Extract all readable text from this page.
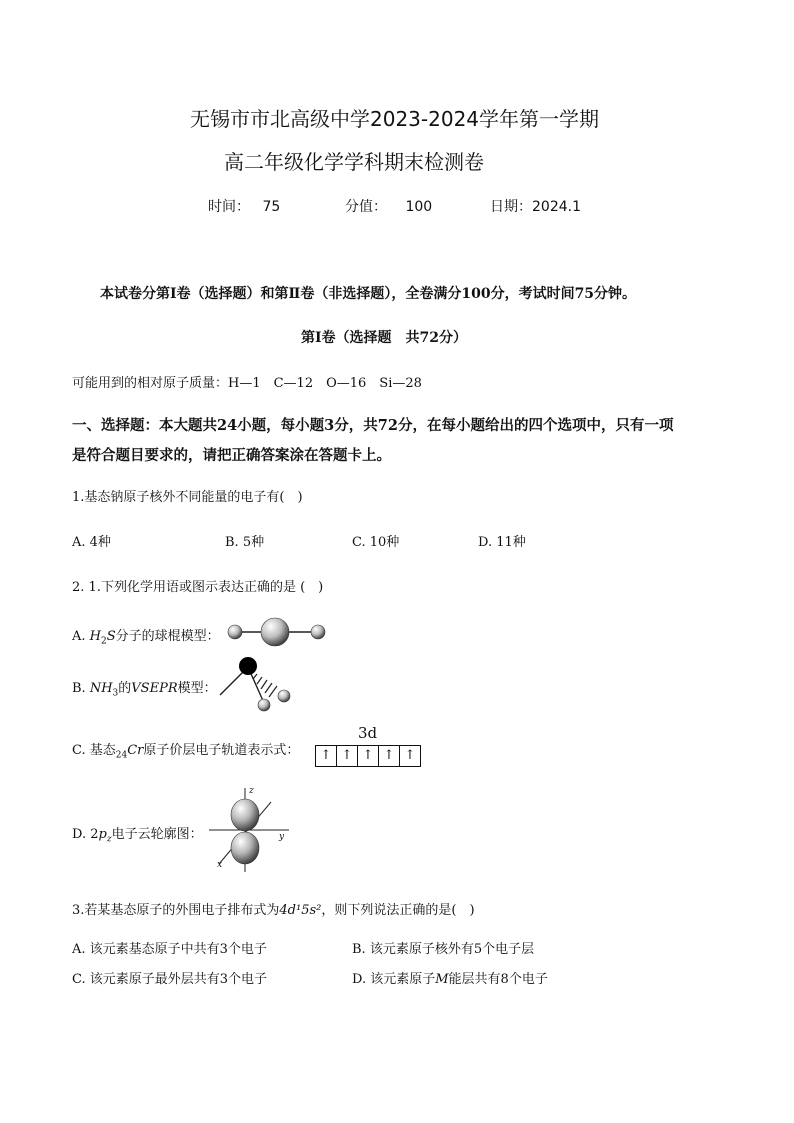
无锡市市北高级中学2023-2024学年第一学期
高二年级化学学科期末检测卷
时间： 75	分值： 100	日期：2024.1
本试卷分第Ⅰ卷（选择题）和第Ⅱ卷（非选择题），全卷满分100分，考试时间75分钟。
第Ⅰ卷（选择题　共72分）
可能用到的相对原子质量：H—1　C—12　O—16　Si—28
一、选择题：本大题共24小题，每小题3分，共72分，在每小题给出的四个选项中，只有一项
是符合题目要求的，请把正确答案涂在答题卡上。
1.基态钠原子核外不同能量的电子有(　)
A. 4种	B. 5种	C. 10种	D. 11种
2. 1.下列化学用语或图示表达正确的是 (　)
A. $H_2S$分子的球棍模型：
B. $NH_3$的VSEPR模型：
C. 基态$_{24}$Cr原子价层电子轨道表示式：
3d
↑ ↑ ↑ ↑ ↑
D. $2p_z$电子云轮廓图：
z
y
x
3.若某基态原子的外围电子排布式为4d¹5s²，则下列说法正确的是(　)
A. 该元素基态原子中共有3个电子	B. 该元素原子核外有5个电子层
C. 该元素原子最外层共有3个电子	D. 该元素原子M能层共有8个电子
